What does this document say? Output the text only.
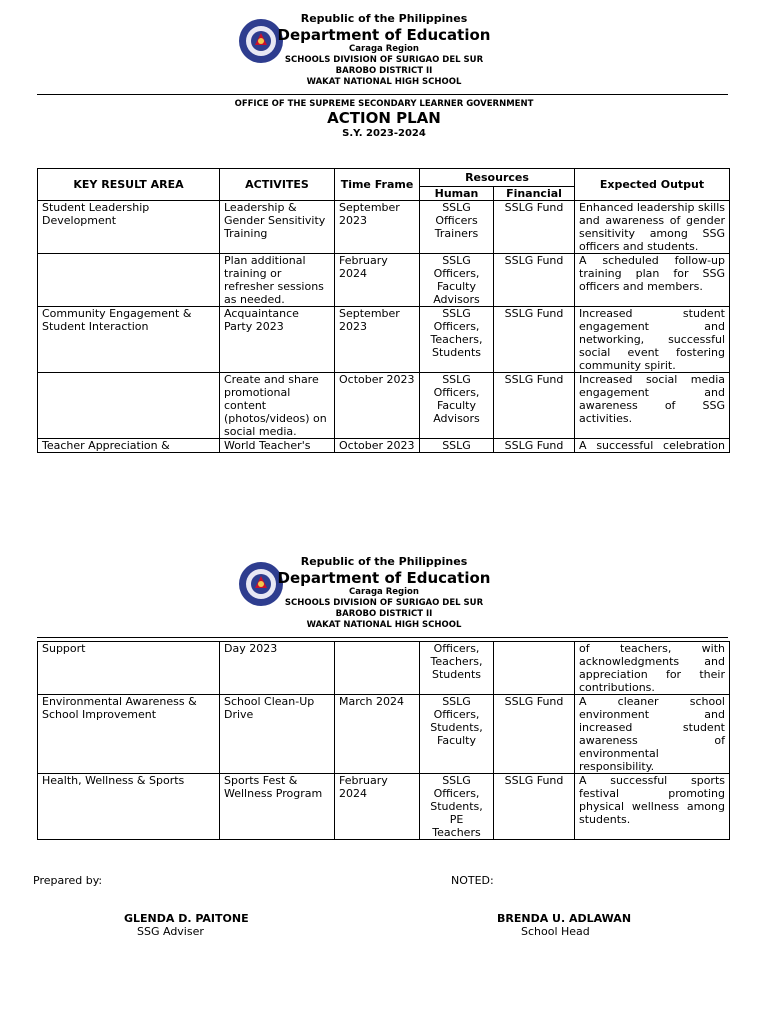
Republic of the Philippines
Department of Education
Caraga Region
SCHOOLS DIVISION OF SURIGAO DEL SUR
BAROBO DISTRICT II
WAKAT NATIONAL HIGH SCHOOL
OFFICE OF THE SUPREME SECONDARY LEARNER GOVERNMENT
ACTION PLAN
S.Y. 2023-2024
KEY RESULT AREA	ACTIVITES	Time Frame	Resources		Expected Output
			Human	Financial	
Student Leadership Development	Leadership & Gender Sensitivity Training	September 2023	SSLG Officers Trainers	SSLG Fund	Enhanced leadership skills and awareness of gender sensitivity among SSG officers and students.
	Plan additional training or refresher sessions as needed.	February 2024	SSLG Officers, Faculty Advisors	SSLG Fund	A scheduled follow-up training plan for SSG officers and members.
Community Engagement & Student Interaction	Acquaintance Party 2023	September 2023	SSLG Officers, Teachers, Students	SSLG Fund	Increased student engagement and networking, successful social event fostering community spirit.
	Create and share promotional content (photos/videos) on social media.	October 2023	SSLG Officers, Faculty Advisors	SSLG Fund	Increased social media engagement and awareness of SSG activities.
Teacher Appreciation &	World Teacher's	October 2023	SSLG	SSLG Fund	A successful celebration
Republic of the Philippines
Department of Education
Caraga Region
SCHOOLS DIVISION OF SURIGAO DEL SUR
BAROBO DISTRICT II
WAKAT NATIONAL HIGH SCHOOL
Support	Day 2023		Officers, Teachers, Students		of teachers, with acknowledgments and appreciation for their contributions.
Environmental Awareness & School Improvement	School Clean-Up Drive	March 2024	SSLG Officers, Students, Faculty	SSLG Fund	A cleaner school environment and increased student awareness of environmental responsibility.
Health, Wellness & Sports	Sports Fest & Wellness Program	February 2024	SSLG Officers, Students, PE Teachers	SSLG Fund	A successful sports festival promoting physical wellness among students.
Prepared by:	NOTED:
GLENDA D. PAITONE
SSG Adviser
BRENDA U. ADLAWAN
School Head
